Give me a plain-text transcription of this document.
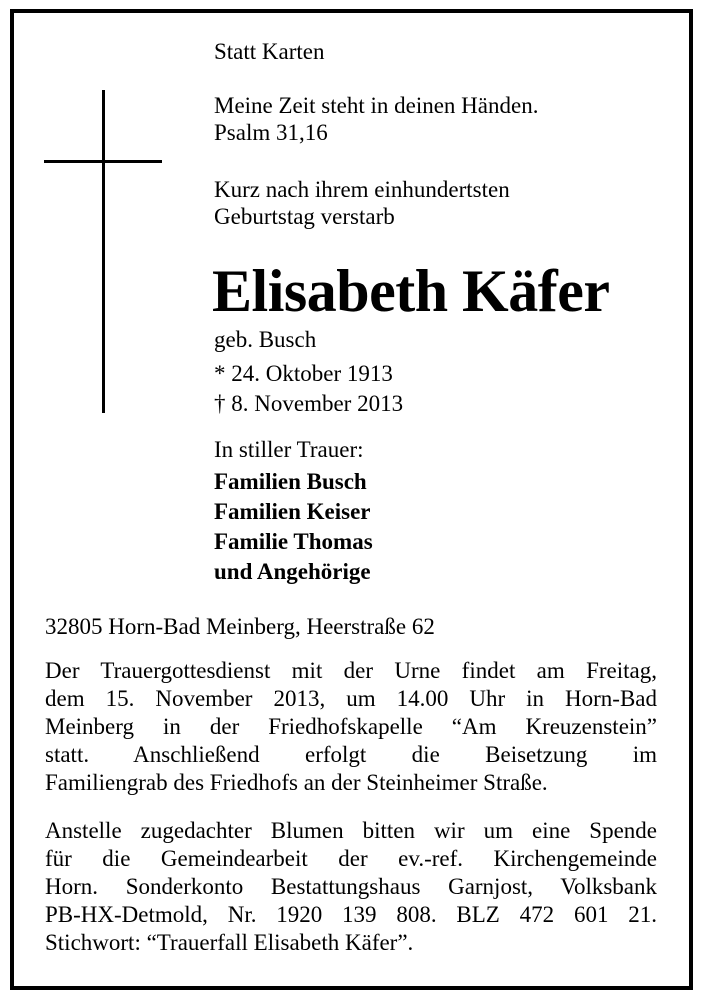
Statt Karten

Meine Zeit steht in deinen Händen.

Psalm 31,16

Kurz nach ihrem einhundertsten

Geburtstag verstarb

Elisabeth Käfer

geb. Busch

* 24. Oktober 1913

† 8. November 2013

In stiller Trauer:

Familien Busch

Familien Keiser

Familie Thomas

und Angehörige

32805 Horn-Bad Meinberg, Heerstraße 62

Der Trauergottesdienst mit der Urne findet am Freitag,
dem 15. November 2013, um 14.00 Uhr in Horn-Bad
Meinberg in der Friedhofskapelle “Am Kreuzenstein”
statt. Anschließend erfolgt die Beisetzung im
Familiengrab des Friedhofs an der Steinheimer Straße.
Anstelle zugedachter Blumen bitten wir um eine Spende
für die Gemeindearbeit der ev.-ref. Kirchengemeinde
Horn. Sonderkonto Bestattungshaus Garnjost, Volksbank
PB-HX-Detmold, Nr. 1920 139 808. BLZ 472 601 21.
Stichwort: “Trauerfall Elisabeth Käfer”.
